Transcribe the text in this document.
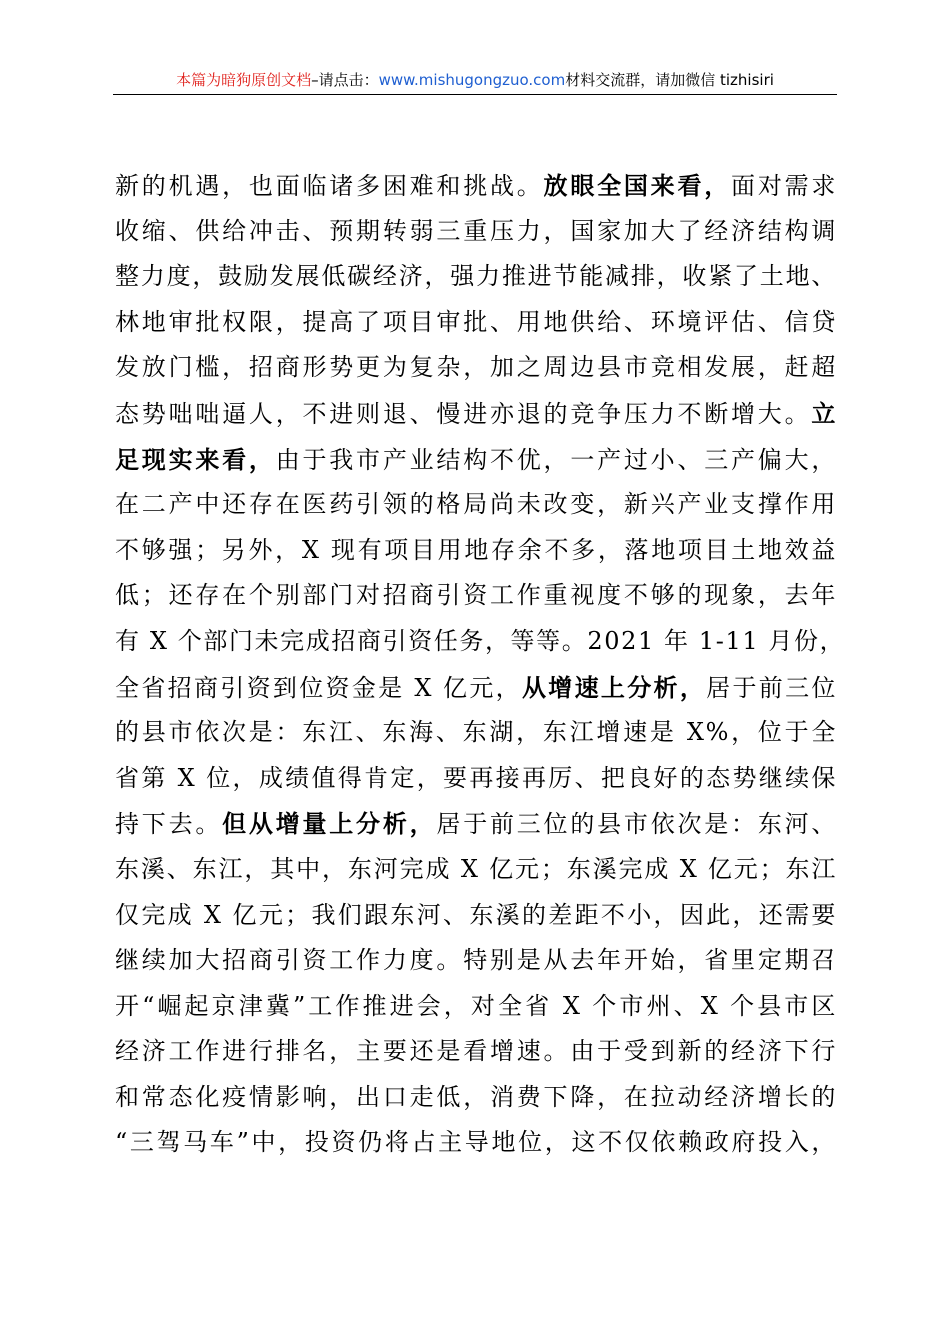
本篇为暗狗原创文档–请点击：www.mishugongzuo.com材料交流群，请加微信 tizhisiri
新的机遇，也面临诸多困难和挑战。放眼全国来看，面对需求
收缩、供给冲击、预期转弱三重压力，国家加大了经济结构调
整力度，鼓励发展低碳经济，强力推进节能减排，收紧了土地、
林地审批权限，提高了项目审批、用地供给、环境评估、信贷
发放门槛，招商形势更为复杂，加之周边县市竞相发展，赶超
态势咄咄逼人，不进则退、慢进亦退的竞争压力不断增大。立
足现实来看，由于我市产业结构不优，一产过小、三产偏大，
在二产中还存在医药引领的格局尚未改变，新兴产业支撑作用
不够强；另外，X 现有项目用地存余不多，落地项目土地效益
低；还存在个别部门对招商引资工作重视度不够的现象，去年
有 X 个部门未完成招商引资任务，等等。2021 年 1-11 月份，
全省招商引资到位资金是 X 亿元，从增速上分析，居于前三位
的县市依次是：东江、东海、东湖，东江增速是 X%，位于全
省第 X 位，成绩值得肯定，要再接再厉、把良好的态势继续保
持下去。但从增量上分析，居于前三位的县市依次是：东河、
东溪、东江，其中，东河完成 X 亿元；东溪完成 X 亿元；东江
仅完成 X 亿元；我们跟东河、东溪的差距不小，因此，还需要
继续加大招商引资工作力度。特别是从去年开始，省里定期召
开“崛起京津冀”工作推进会，对全省 X 个市州、X 个县市区
经济工作进行排名，主要还是看增速。由于受到新的经济下行
和常态化疫情影响，出口走低，消费下降，在拉动经济增长的
“三驾马车”中，投资仍将占主导地位，这不仅依赖政府投入，
